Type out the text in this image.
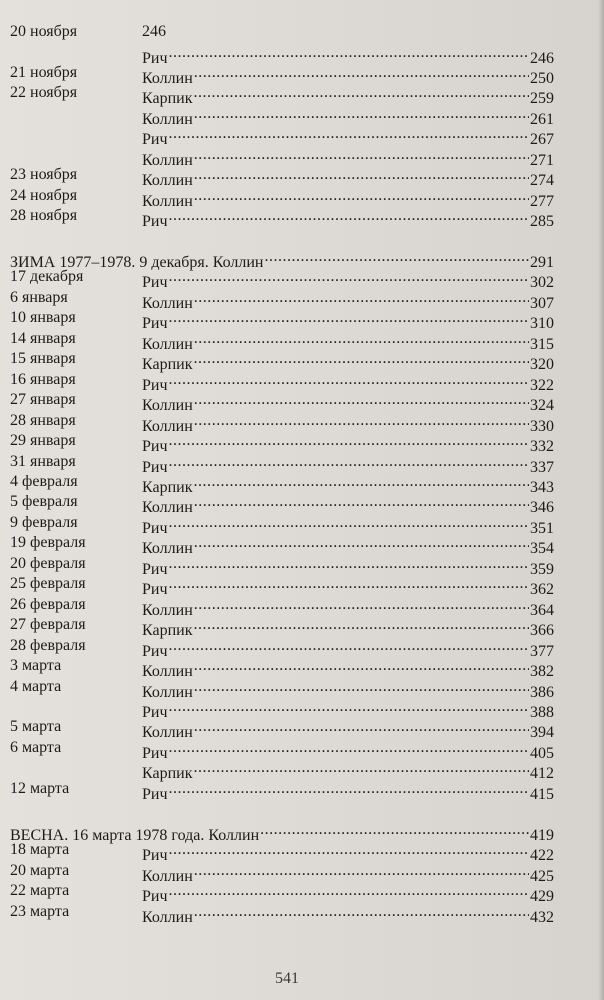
20 ноября	246
Рич .....	246
21 ноября	Коллин .....	250
22 ноября	Карпик .....	259
Коллин .....	261
Рич .....	267
Коллин .....	271
23 ноября	Коллин .....	274
24 ноября	Коллин .....	277
28 ноября	Рич .....	285
ЗИМА 1977–1978. 9 декабря. Коллин .....	291
17 декабря	Рич .....	302
6 января	Коллин .....	307
10 января	Рич .....	310
14 января	Коллин .....	315
15 января	Карпик .....	320
16 января	Рич .....	322
27 января	Коллин .....	324
28 января	Коллин .....	330
29 января	Рич .....	332
31 января	Рич .....	337
4 февраля	Карпик .....	343
5 февраля	Коллин .....	346
9 февраля	Рич .....	351
19 февраля	Коллин .....	354
20 февраля	Рич .....	359
25 февраля	Рич .....	362
26 февраля	Коллин .....	364
27 февраля	Карпик .....	366
28 февраля	Рич .....	377
3 марта	Коллин .....	382
4 марта	Коллин .....	386
Рич .....	388
5 марта	Коллин .....	394
6 марта	Рич .....	405
Карпик .....	412
12 марта	Рич .....	415
ВЕСНА. 16 марта 1978 года. Коллин .....	419
18 марта	Рич .....	422
20 марта	Коллин .....	425
22 марта	Рич .....	429
23 марта	Коллин .....	432
541
